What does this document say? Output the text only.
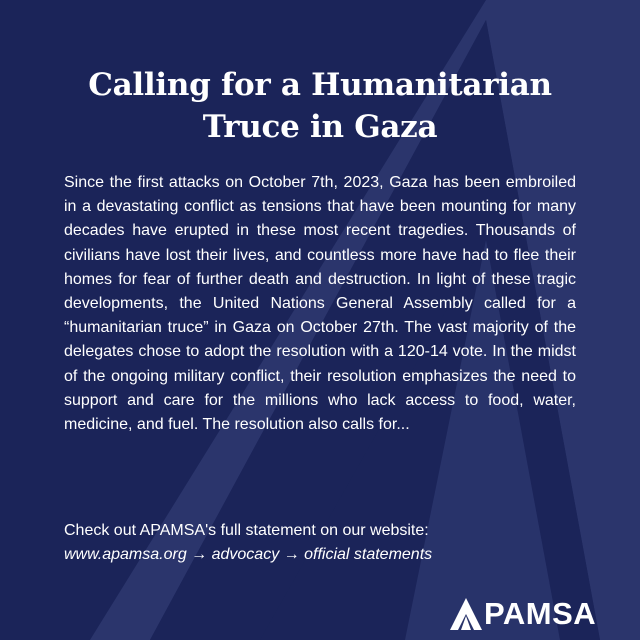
Calling for a Humanitarian
Truce in Gaza

Since the first attacks on October 7th, 2023, Gaza has been embroiled in a devastating conflict as tensions that have been mounting for many decades have erupted in these most recent tragedies. Thousands of civilians have lost their lives, and countless more have had to flee their homes for fear of further death and destruction. In light of these tragic developments, the United Nations General Assembly called for a “humanitarian truce” in Gaza on October 27th. The vast majority of the delegates chose to adopt the resolution with a 120-14 vote. In the midst of the ongoing military conflict, their resolution emphasizes the need to support and care for the millions who lack access to food, water, medicine, and fuel. The resolution also calls for...

Check out APAMSA's full statement on our website:
www.apamsa.org → advocacy → official statements

PAMSA
